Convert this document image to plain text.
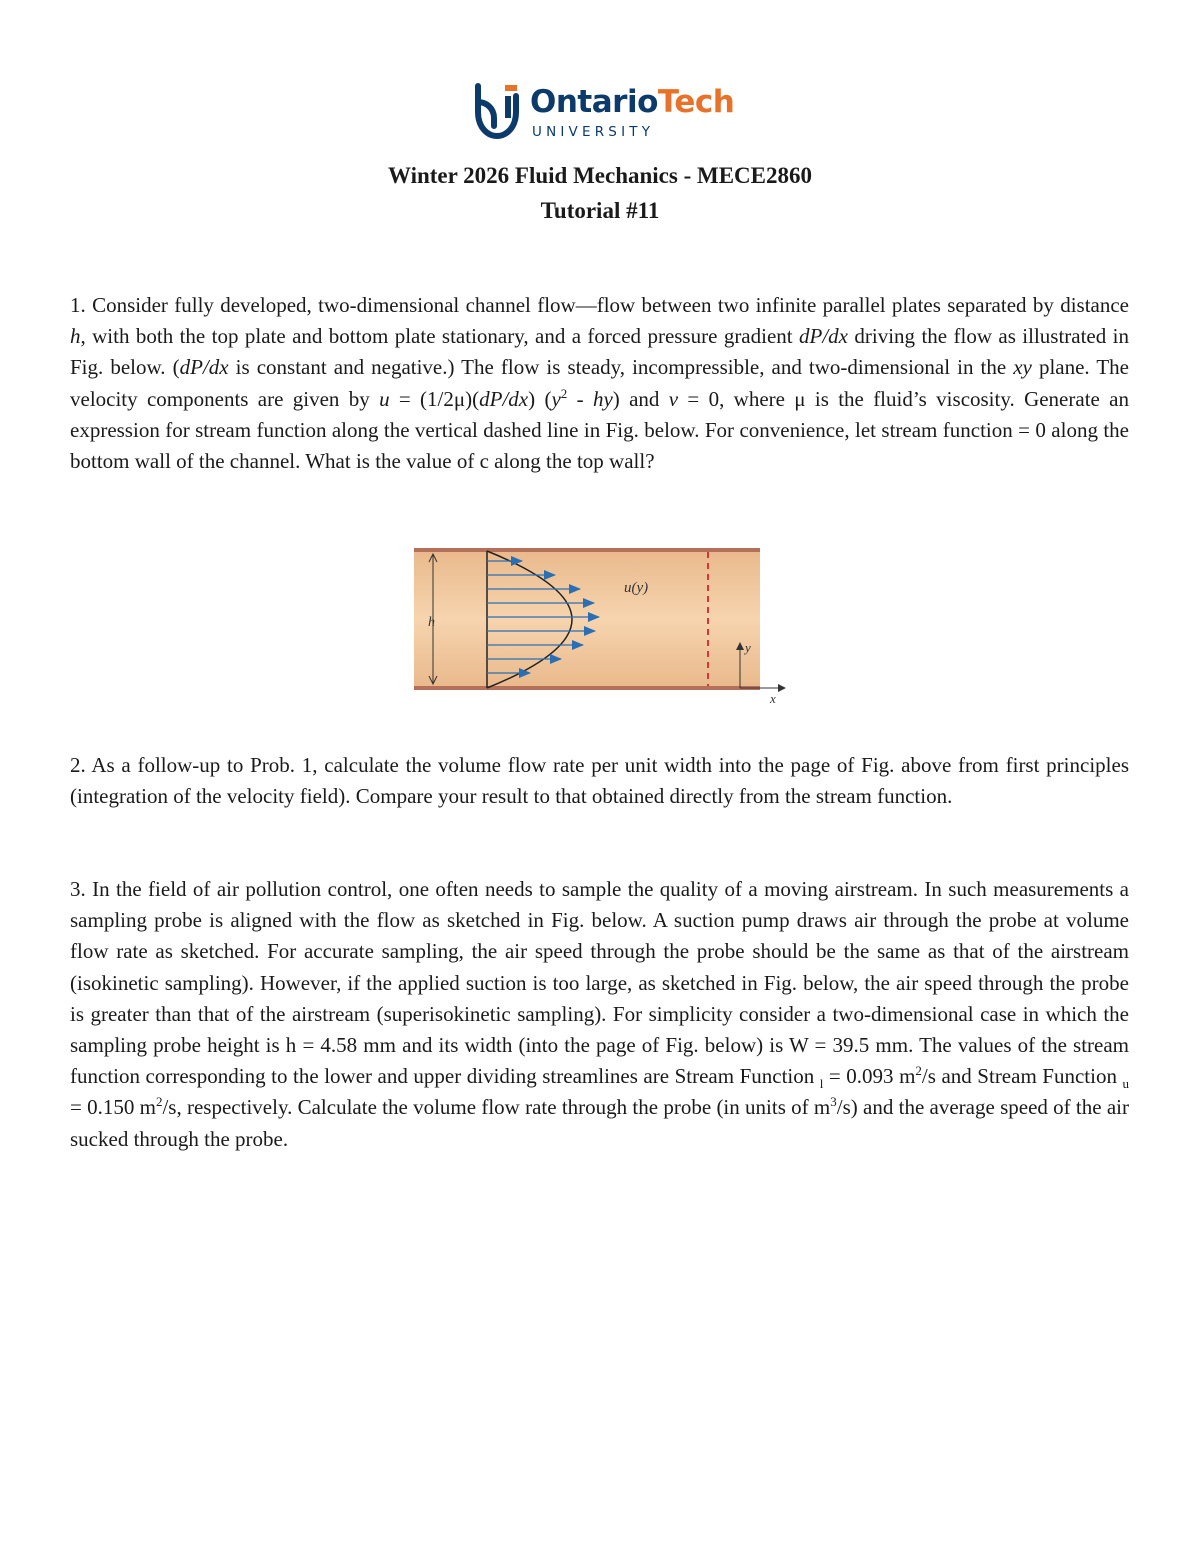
OntarioTech
UNIVERSITY
Winter 2026 Fluid Mechanics - MECE2860
Tutorial #11

1. Consider fully developed, two-dimensional channel flow—flow between two infinite parallel plates separated by distance h, with both the top plate and bottom plate stationary, and a forced pressure gradient dP/dx driving the flow as illustrated in Fig. below. (dP/dx is constant and negative.) The flow is steady, incompressible, and two-dimensional in the xy plane. The velocity components are given by u = (1/2μ)(dP/dx) $(y^2 - hy)$ and v = 0, where μ is the fluid’s viscosity. Generate an expression for stream function along the vertical dashed line in Fig. below. For convenience, let stream function = 0 along the bottom wall of the channel. What is the value of c along the top wall?

h
u(y)
y
x

2. As a follow-up to Prob. 1, calculate the volume flow rate per unit width into the page of Fig. above from first principles (integration of the velocity field). Compare your result to that obtained directly from the stream function.

3. In the field of air pollution control, one often needs to sample the quality of a moving airstream. In such measurements a sampling probe is aligned with the flow as sketched in Fig. below. A suction pump draws air through the probe at volume flow rate as sketched. For accurate sampling, the air speed through the probe should be the same as that of the airstream (isokinetic sampling). However, if the applied suction is too large, as sketched in Fig. below, the air speed through the probe is greater than that of the airstream (superisokinetic sampling). For simplicity consider a two-dimensional case in which the sampling probe height is h = 4.58 mm and its width (into the page of Fig. below) is W = 39.5 mm. The values of the stream function corresponding to the lower and upper dividing streamlines are Stream Function $_l$ = 0.093 $m^2/s$ and Stream Function $_u$ = 0.150 $m^2/s$, respectively. Calculate the volume flow rate through the probe (in units of $m^3/s$) and the average speed of the air sucked through the probe.
